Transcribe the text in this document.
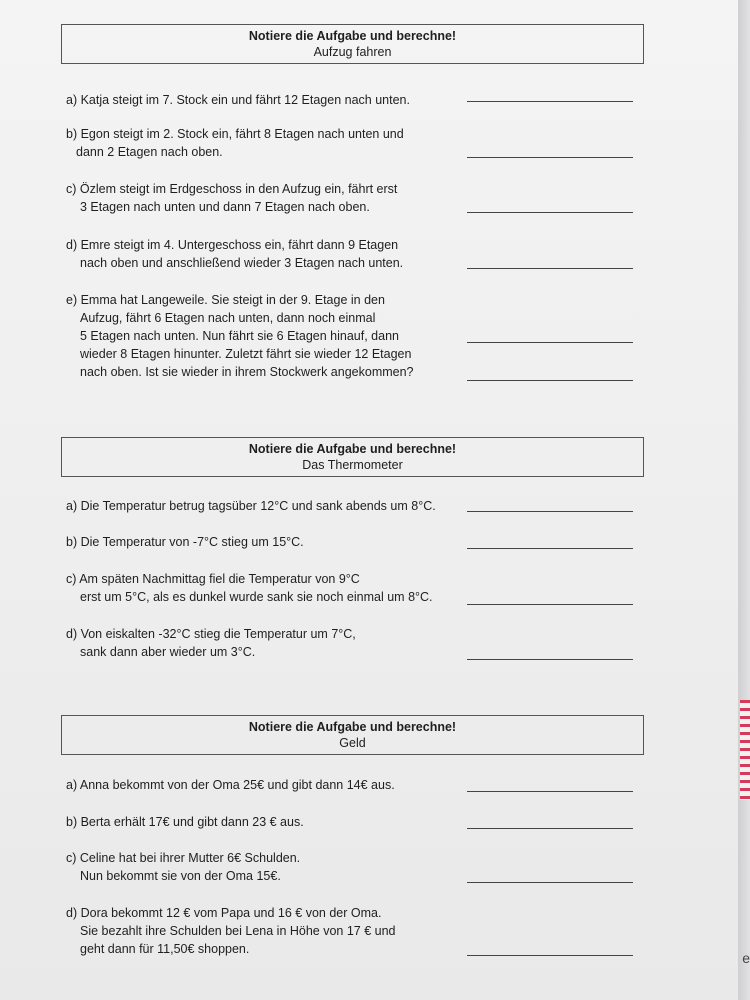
Notiere die Aufgabe und berechne!
Aufzug fahren
a) Katja steigt im 7. Stock ein und fährt 12 Etagen nach unten.
b) Egon steigt im 2. Stock ein, fährt 8 Etagen nach unten und
dann 2 Etagen nach oben.
c) Özlem steigt im Erdgeschoss in den Aufzug ein, fährt erst
3 Etagen nach unten und dann 7 Etagen nach oben.
d) Emre steigt im 4. Untergeschoss ein, fährt dann 9 Etagen
nach oben und anschließend wieder 3 Etagen nach unten.
e) Emma hat Langeweile. Sie steigt in der 9. Etage in den
Aufzug, fährt 6 Etagen nach unten, dann noch einmal
5 Etagen nach unten. Nun fährt sie 6 Etagen hinauf, dann
wieder 8 Etagen hinunter. Zuletzt fährt sie wieder 12 Etagen
nach oben. Ist sie wieder in ihrem Stockwerk angekommen?
Notiere die Aufgabe und berechne!
Das Thermometer
a) Die Temperatur betrug tagsüber 12°C und sank abends um 8°C.
b) Die Temperatur von -7°C stieg um 15°C.
c) Am späten Nachmittag fiel die Temperatur von 9°C
erst um 5°C, als es dunkel wurde sank sie noch einmal um 8°C.
d) Von eiskalten -32°C stieg die Temperatur um 7°C,
sank dann aber wieder um 3°C.
Notiere die Aufgabe und berechne!
Geld
a) Anna bekommt von der Oma 25€ und gibt dann 14€ aus.
b) Berta erhält 17€ und gibt dann 23 € aus.
c) Celine hat bei ihrer Mutter 6€ Schulden.
Nun bekommt sie von der Oma 15€.
d) Dora bekommt 12 € vom Papa und 16 € von der Oma.
Sie bezahlt ihre Schulden bei Lena in Höhe von 17 € und
geht dann für 11,50€ shoppen.
e
